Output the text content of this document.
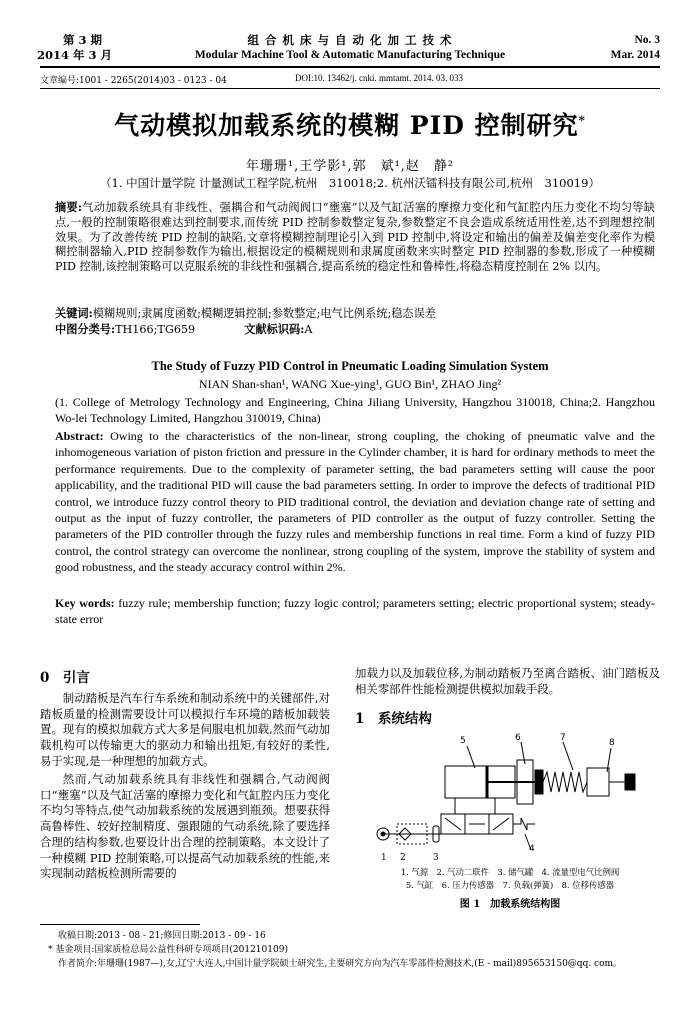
第 3 期
2014 年 3 月
组 合 机 床 与 自 动 化 加 工 技 术
Modular Machine Tool & Automatic Manufacturing Technique
No. 3
Mar. 2014
文章编号:1001 - 2265(2014)03 - 0123 - 04	DOI:10. 13462/j. cnki. mmtamt. 2014. 03. 033
气动模拟加载系统的模糊 PID 控制研究*
年珊珊¹,王学影¹,郭　斌¹,赵　静²
（1. 中国计量学院 计量测试工程学院,杭州　310018;2. 杭州沃镭科技有限公司,杭州　310019）
摘要:气动加载系统具有非线性、强耦合和气动阀阀口“壅塞”以及气缸活塞的摩擦力变化和气缸腔内压力变化不均匀等缺点,一般的控制策略很难达到控制要求,而传统 PID 控制参数整定复杂,参数整定不良会造成系统适用性差,达不到理想控制效果。为了改善传统 PID 控制的缺陷,文章将模糊控制理论引入到 PID 控制中,将设定和输出的偏差及偏差变化率作为模糊控制器输入,PID 控制参数作为输出,根据设定的模糊规则和隶属度函数来实时整定 PID 控制器的参数,形成了一种模糊 PID 控制,该控制策略可以克服系统的非线性和强耦合,提高系统的稳定性和鲁棒性,将稳态精度控制在 2% 以内。
关键词:模糊规则;隶属度函数;模糊逻辑控制;参数整定;电气比例系统;稳态误差
中图分类号:TH166;TG659	文献标识码:A
The Study of Fuzzy PID Control in Pneumatic Loading Simulation System
NIAN Shan-shan¹, WANG Xue-ying¹, GUO Bin¹, ZHAO Jing²
(1. College of Metrology Technology and Engineering, China Jiliang University, Hangzhou 310018, China;2. Hangzhou Wo-lei Technology Limited, Hangzhou 310019, China)
Abstract: Owing to the characteristics of the non-linear, strong coupling, the choking of pneumatic valve and the inhomogeneous variation of piston friction and pressure in the Cylinder chamber, it is hard for ordinary methods to meet the performance requirements. Due to the complexity of parameter setting, the bad parameters setting will cause the poor applicability, and the traditional PID will cause the bad parameters setting. In order to improve the defects of traditional PID control, we introduce fuzzy control theory to PID traditional control, the deviation and deviation change rate of setting and output as the input of fuzzy controller, the parameters of PID controller as the output of fuzzy controller. Setting the parameters of the PID controller through the fuzzy rules and membership functions in real time. Form a kind of fuzzy PID control, the control strategy can overcome the nonlinear, strong coupling of the system, improve the stability of system and good robustness, and the steady accuracy control within 2%.
Key words: fuzzy rule; membership function; fuzzy logic control; parameters setting; electric proportional system; steady-state error
0　引言
制动踏板是汽车行车系统和制动系统中的关键部件,对踏板质量的检测需要设计可以模拟行车环境的踏板加载装置。现有的模拟加载方式大多是伺服电机加载,然而气动加载机构可以传输更大的驱动力和输出扭矩,有较好的柔性,易于实现,是一种理想的加载方式。
然而,气动加载系统具有非线性和强耦合,气动阀阀口“壅塞”以及气缸活塞的摩擦力变化和气缸腔内压力变化不均匀等特点,使气动加载系统的发展遇到瓶颈。想要获得高鲁棒性、较好控制精度、强跟随的气动系统,除了要选择合理的结构参数,也要设计出合理的控制策略。本文设计了一种模糊 PID 控制策略,可以提高气动加载系统的性能,来实现制动踏板检测所需要的
加载力以及加载位移,为制动踏板乃至离合踏板、油门踏板及相关零部件性能检测提供模拟加载手段。
1　系统结构
5	6	7	8
4
1 2	3
1. 气源　2. 气动二联件　3. 储气罐　4. 流量型电气比例阀
5. 气缸　6. 压力传感器　7. 负载(弹簧)　8. 位移传感器
图 1　加载系统结构图
收稿日期:2013 - 08 - 21;修回日期:2013 - 09 - 16
* 基金项目:国家质检总局公益性科研专项项目(201210109)
作者简介:年珊珊(1987—),女,辽宁大连人,中国计量学院硕士研究生,主要研究方向为汽车零部件检测技术,(E - mail)895653150@qq. com。
